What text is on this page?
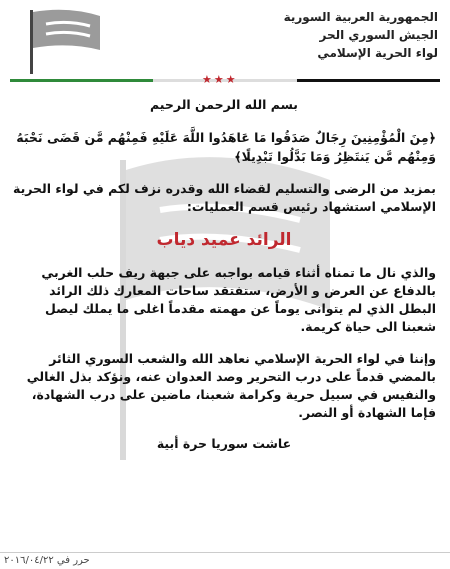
الجمهورية العربية السورية
الجيش السوري الحر
لواء الحرية الإسلامي
★★★

بسم الله الرحمن الرحيم

﴿مِنَ الْمُؤْمِنِينَ رِجَالٌ صَدَقُوا مَا عَاهَدُوا اللَّهَ عَلَيْهِ فَمِنْهُم مَّن قَضَى نَحْبَهُ وَمِنْهُم مَّن يَنتَظِرُ وَمَا بَدَّلُوا تَبْدِيلًا﴾

بمزيد من الرضى والتسليم لقضاء الله وقدره نزف لكم في لواء الحرية الإسلامي استشهاد رئيس قسم العمليات:

الرائد عميد دياب

والذي نال ما تمناه أثناء قيامه بواجبه على جبهة ريف حلب الغربي بالدفاع عن العرض و الأرض، ستفتقد ساحات المعارك ذلك الرائد البطل الذي لم يتوانى يوماً عن مهمته مقدماً اغلى ما يملك ليصل شعبنا الى حياة كريمة.

وإننا في لواء الحرية الإسلامي نعاهد الله والشعب السوري الثائر بالمضي قدماً على درب التحرير وصد العدوان عنه، ونؤكد بذل الغالي والنفيس في سبيل حرية وكرامة شعبنا، ماضين على درب الشهادة، فإما الشهادة أو النصر.

عاشت سوريا حرة أبية

حرر في ٢٠١٦/٠٤/٢٢
